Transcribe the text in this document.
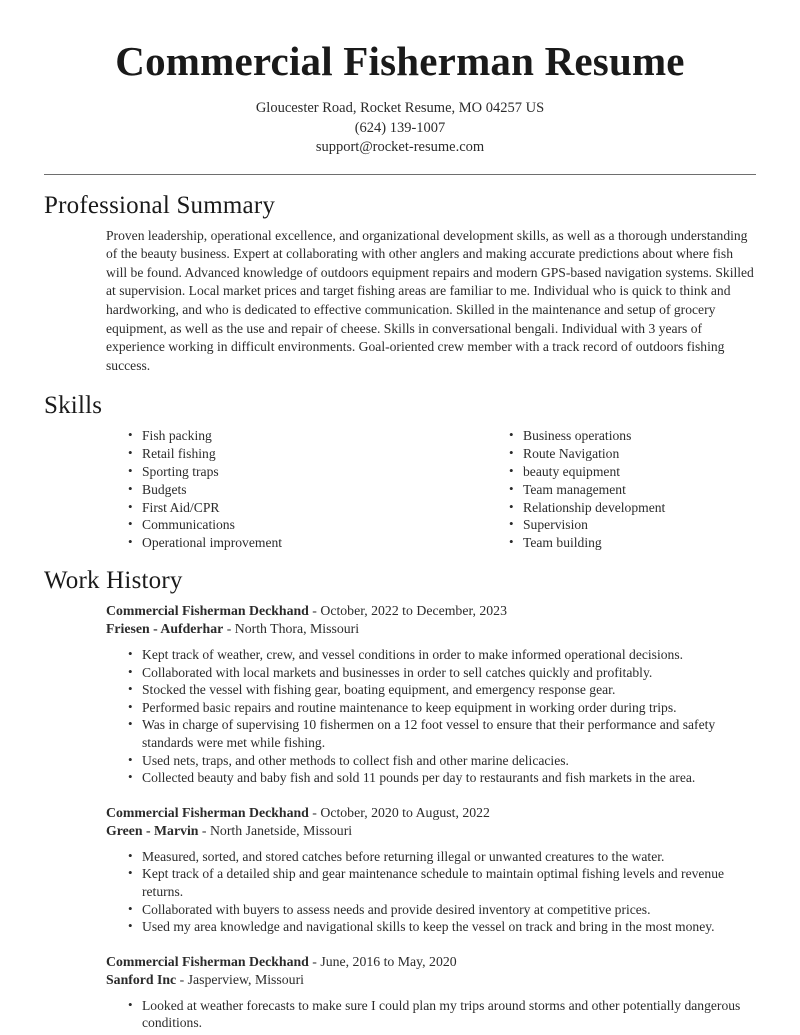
Commercial Fisherman Resume
Gloucester Road, Rocket Resume, MO 04257 US
(624) 139-1007
support@rocket-resume.com
Professional Summary

Proven leadership, operational excellence, and organizational development skills, as well as a thorough understanding of the beauty business. Expert at collaborating with other anglers and making accurate predictions about where fish will be found. Advanced knowledge of outdoors equipment repairs and modern GPS-based navigation systems. Skilled at supervision. Local market prices and target fishing areas are familiar to me. Individual who is quick to think and hardworking, and who is dedicated to effective communication. Skilled in the maintenance and setup of grocery equipment, as well as the use and repair of cheese. Skills in conversational bengali. Individual with 3 years of experience working in difficult environments. Goal-oriented crew member with a track record of outdoors fishing success.

Skills
• Fish packing
• Retail fishing
• Sporting traps
• Budgets
• First Aid/CPR
• Communications
• Operational improvement
• Business operations
• Route Navigation
• beauty equipment
• Team management
• Relationship development
• Supervision
• Team building
Work History
Commercial Fisherman Deckhand - October, 2022 to December, 2023
Friesen - Aufderhar - North Thora, Missouri
• Kept track of weather, crew, and vessel conditions in order to make informed operational decisions.
• Collaborated with local markets and businesses in order to sell catches quickly and profitably.
• Stocked the vessel with fishing gear, boating equipment, and emergency response gear.
• Performed basic repairs and routine maintenance to keep equipment in working order during trips.
• Was in charge of supervising 10 fishermen on a 12 foot vessel to ensure that their performance and safety standards were met while fishing.
• Used nets, traps, and other methods to collect fish and other marine delicacies.
• Collected beauty and baby fish and sold 11 pounds per day to restaurants and fish markets in the area.
Commercial Fisherman Deckhand - October, 2020 to August, 2022
Green - Marvin - North Janetside, Missouri
• Measured, sorted, and stored catches before returning illegal or unwanted creatures to the water.
• Kept track of a detailed ship and gear maintenance schedule to maintain optimal fishing levels and revenue returns.
• Collaborated with buyers to assess needs and provide desired inventory at competitive prices.
• Used my area knowledge and navigational skills to keep the vessel on track and bring in the most money.
Commercial Fisherman Deckhand - June, 2016 to May, 2020
Sanford Inc - Jasperview, Missouri
• Looked at weather forecasts to make sure I could plan my trips around storms and other potentially dangerous conditions.
